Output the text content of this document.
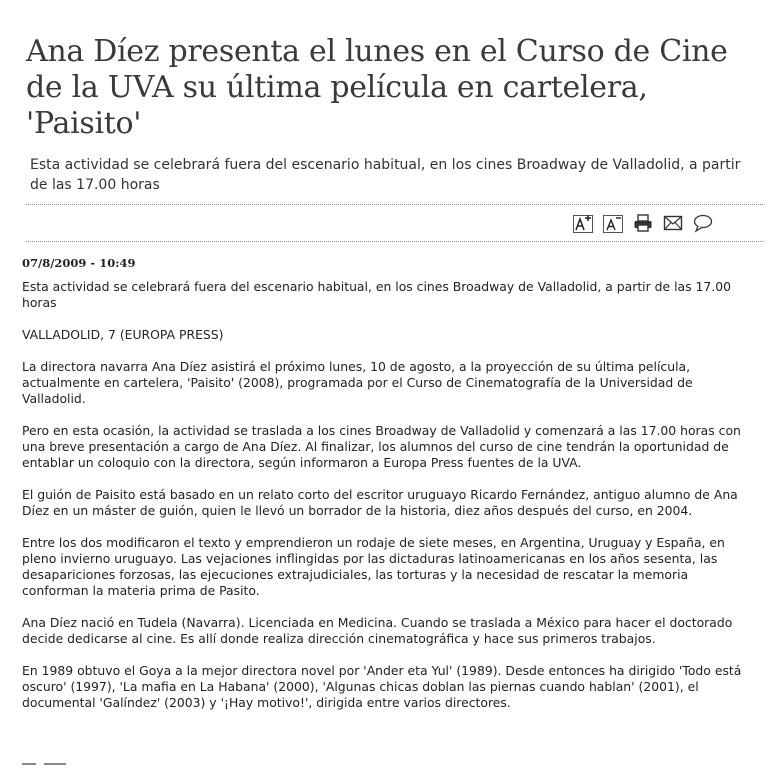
Ana Díez presenta el lunes en el Curso de Cine de la UVA su última película en cartelera, 'Paisito'

Esta actividad se celebrará fuera del escenario habitual, en los cines Broadway de Valladolid, a partir de las 17.00 horas

07/8/2009 - 10:49

Esta actividad se celebrará fuera del escenario habitual, en los cines Broadway de Valladolid, a partir de las 17.00 horas

VALLADOLID, 7 (EUROPA PRESS)

La directora navarra Ana Díez asistirá el próximo lunes, 10 de agosto, a la proyección de su última película, actualmente en cartelera, 'Paisito' (2008), programada por el Curso de Cinematografía de la Universidad de Valladolid.

Pero en esta ocasión, la actividad se traslada a los cines Broadway de Valladolid y comenzará a las 17.00 horas con una breve presentación a cargo de Ana Díez. Al finalizar, los alumnos del curso de cine tendrán la oportunidad de entablar un coloquio con la directora, según informaron a Europa Press fuentes de la UVA.

El guión de Paisito está basado en un relato corto del escritor uruguayo Ricardo Fernández, antiguo alumno de Ana Díez en un máster de guión, quien le llevó un borrador de la historia, diez años después del curso, en 2004.

Entre los dos modificaron el texto y emprendieron un rodaje de siete meses, en Argentina, Uruguay y España, en pleno invierno uruguayo. Las vejaciones inflingidas por las dictaduras latinoamericanas en los años sesenta, las desapariciones forzosas, las ejecuciones extrajudiciales, las torturas y la necesidad de rescatar la memoria conforman la materia prima de Pasito.

Ana Díez nació en Tudela (Navarra). Licenciada en Medicina. Cuando se traslada a México para hacer el doctorado decide dedicarse al cine. Es allí donde realiza dirección cinematográfica y hace sus primeros trabajos.

En 1989 obtuvo el Goya a la mejor directora novel por 'Ander eta Yul' (1989). Desde entonces ha dirigido 'Todo está oscuro' (1997), 'La mafia en La Habana' (2000), 'Algunas chicas doblan las piernas cuando hablan' (2001), el documental 'Galíndez' (2003) y '¡Hay motivo!', dirigida entre varios directores.
